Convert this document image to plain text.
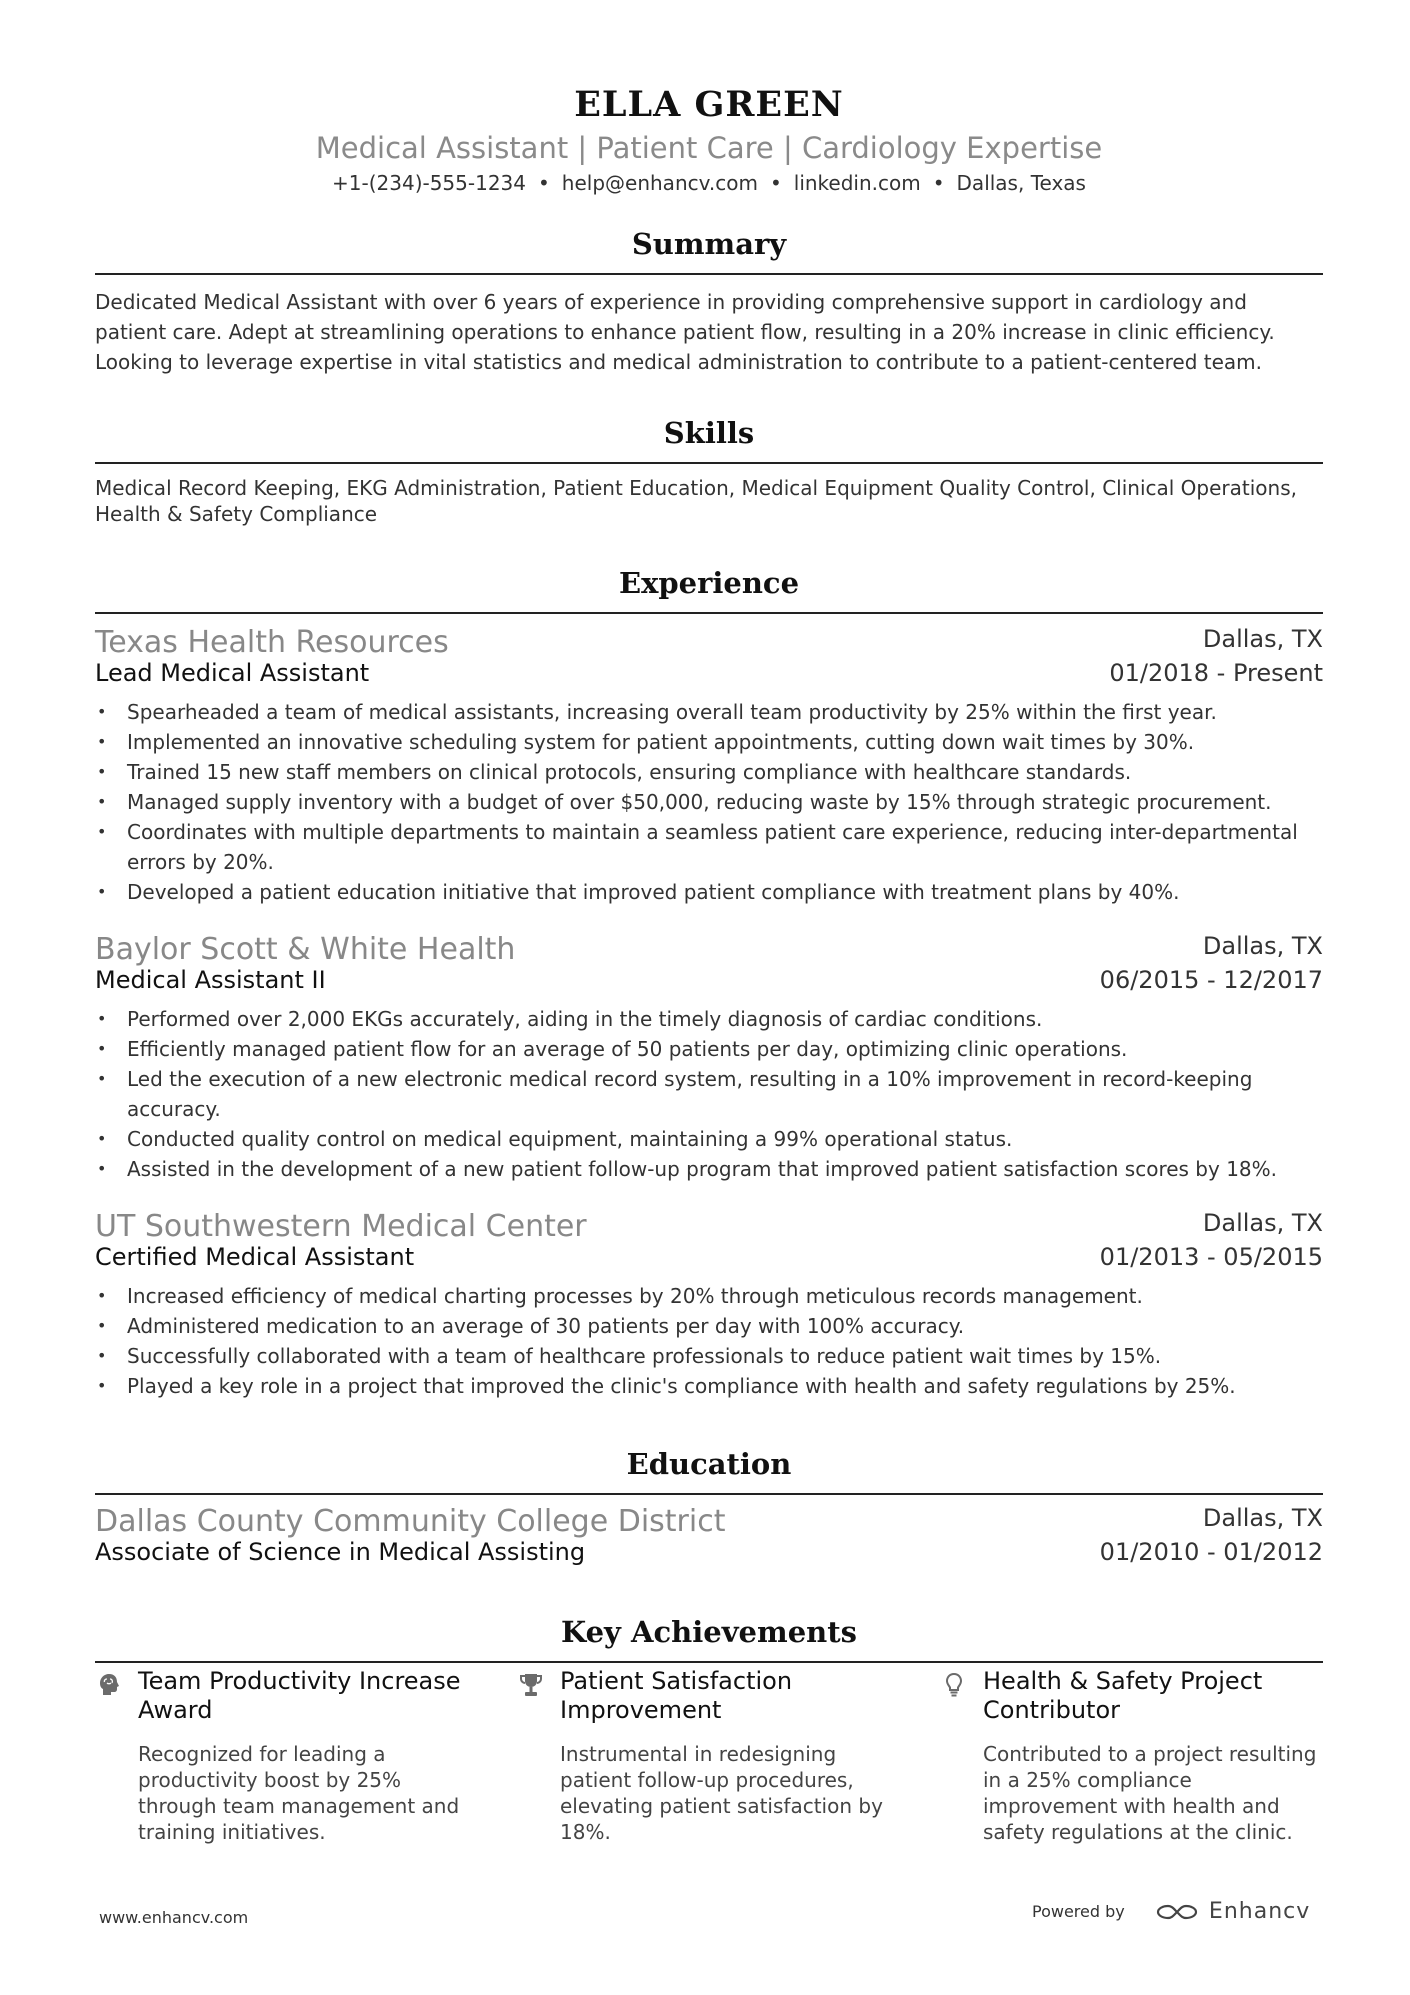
ELLA GREEN
Medical Assistant | Patient Care | Cardiology Expertise
+1-(234)-555-1234 • help@enhancv.com • linkedin.com • Dallas, Texas
Summary
Dedicated Medical Assistant with over 6 years of experience in providing comprehensive support in cardiology and patient care. Adept at streamlining operations to enhance patient flow, resulting in a 20% increase in clinic efficiency. Looking to leverage expertise in vital statistics and medical administration to contribute to a patient-centered team.
Skills
Medical Record Keeping, EKG Administration, Patient Education, Medical Equipment Quality Control, Clinical Operations, Health & Safety Compliance
Experience
Texas Health Resources	Dallas, TX
Lead Medical Assistant	01/2018 - Present
• Spearheaded a team of medical assistants, increasing overall team productivity by 25% within the first year.
• Implemented an innovative scheduling system for patient appointments, cutting down wait times by 30%.
• Trained 15 new staff members on clinical protocols, ensuring compliance with healthcare standards.
• Managed supply inventory with a budget of over $50,000, reducing waste by 15% through strategic procurement.
• Coordinates with multiple departments to maintain a seamless patient care experience, reducing inter-departmental errors by 20%.
• Developed a patient education initiative that improved patient compliance with treatment plans by 40%.
Baylor Scott & White Health	Dallas, TX
Medical Assistant II	06/2015 - 12/2017
• Performed over 2,000 EKGs accurately, aiding in the timely diagnosis of cardiac conditions.
• Efficiently managed patient flow for an average of 50 patients per day, optimizing clinic operations.
• Led the execution of a new electronic medical record system, resulting in a 10% improvement in record-keeping accuracy.
• Conducted quality control on medical equipment, maintaining a 99% operational status.
• Assisted in the development of a new patient follow-up program that improved patient satisfaction scores by 18%.
UT Southwestern Medical Center	Dallas, TX
Certified Medical Assistant	01/2013 - 05/2015
• Increased efficiency of medical charting processes by 20% through meticulous records management.
• Administered medication to an average of 30 patients per day with 100% accuracy.
• Successfully collaborated with a team of healthcare professionals to reduce patient wait times by 15%.
• Played a key role in a project that improved the clinic's compliance with health and safety regulations by 25%.
Education
Dallas County Community College District	Dallas, TX
Associate of Science in Medical Assisting	01/2010 - 01/2012
Key Achievements
Team Productivity Increase Award
Recognized for leading a productivity boost by 25% through team management and training initiatives.
Patient Satisfaction Improvement
Instrumental in redesigning patient follow-up procedures, elevating patient satisfaction by 18%.
Health & Safety Project Contributor
Contributed to a project resulting in a 25% compliance improvement with health and safety regulations at the clinic.
www.enhancv.com	Powered by	Enhancv
